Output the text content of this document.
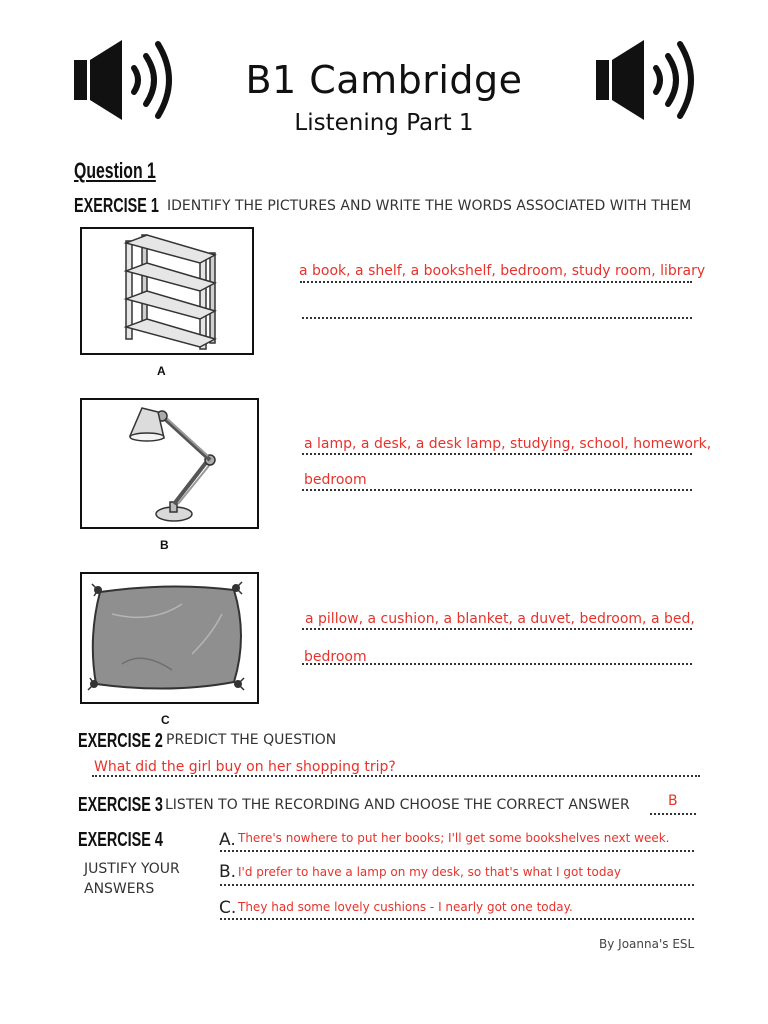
B1 Cambridge
Listening Part 1
Question 1
EXERCISE 1 IDENTIFY THE PICTURES AND WRITE THE WORDS ASSOCIATED WITH THEM
A
a book, a shelf, a bookshelf, bedroom, study room, library
B
a lamp, a desk, a desk lamp, studying, school, homework,
bedroom
C
a pillow, a cushion, a blanket, a duvet, bedroom, a bed,
bedroom
EXERCISE 2 PREDICT THE QUESTION
What did the girl buy on her shopping trip?
EXERCISE 3 LISTEN TO THE RECORDING AND CHOOSE THE CORRECT ANSWER	B
EXERCISE 4
JUSTIFY YOUR
ANSWERS
A. There's nowhere to put her books; I'll get some bookshelves next week.
B. I'd prefer to have a lamp on my desk, so that's what I got today
C. They had some lovely cushions - I nearly got one today.
By Joanna's ESL
